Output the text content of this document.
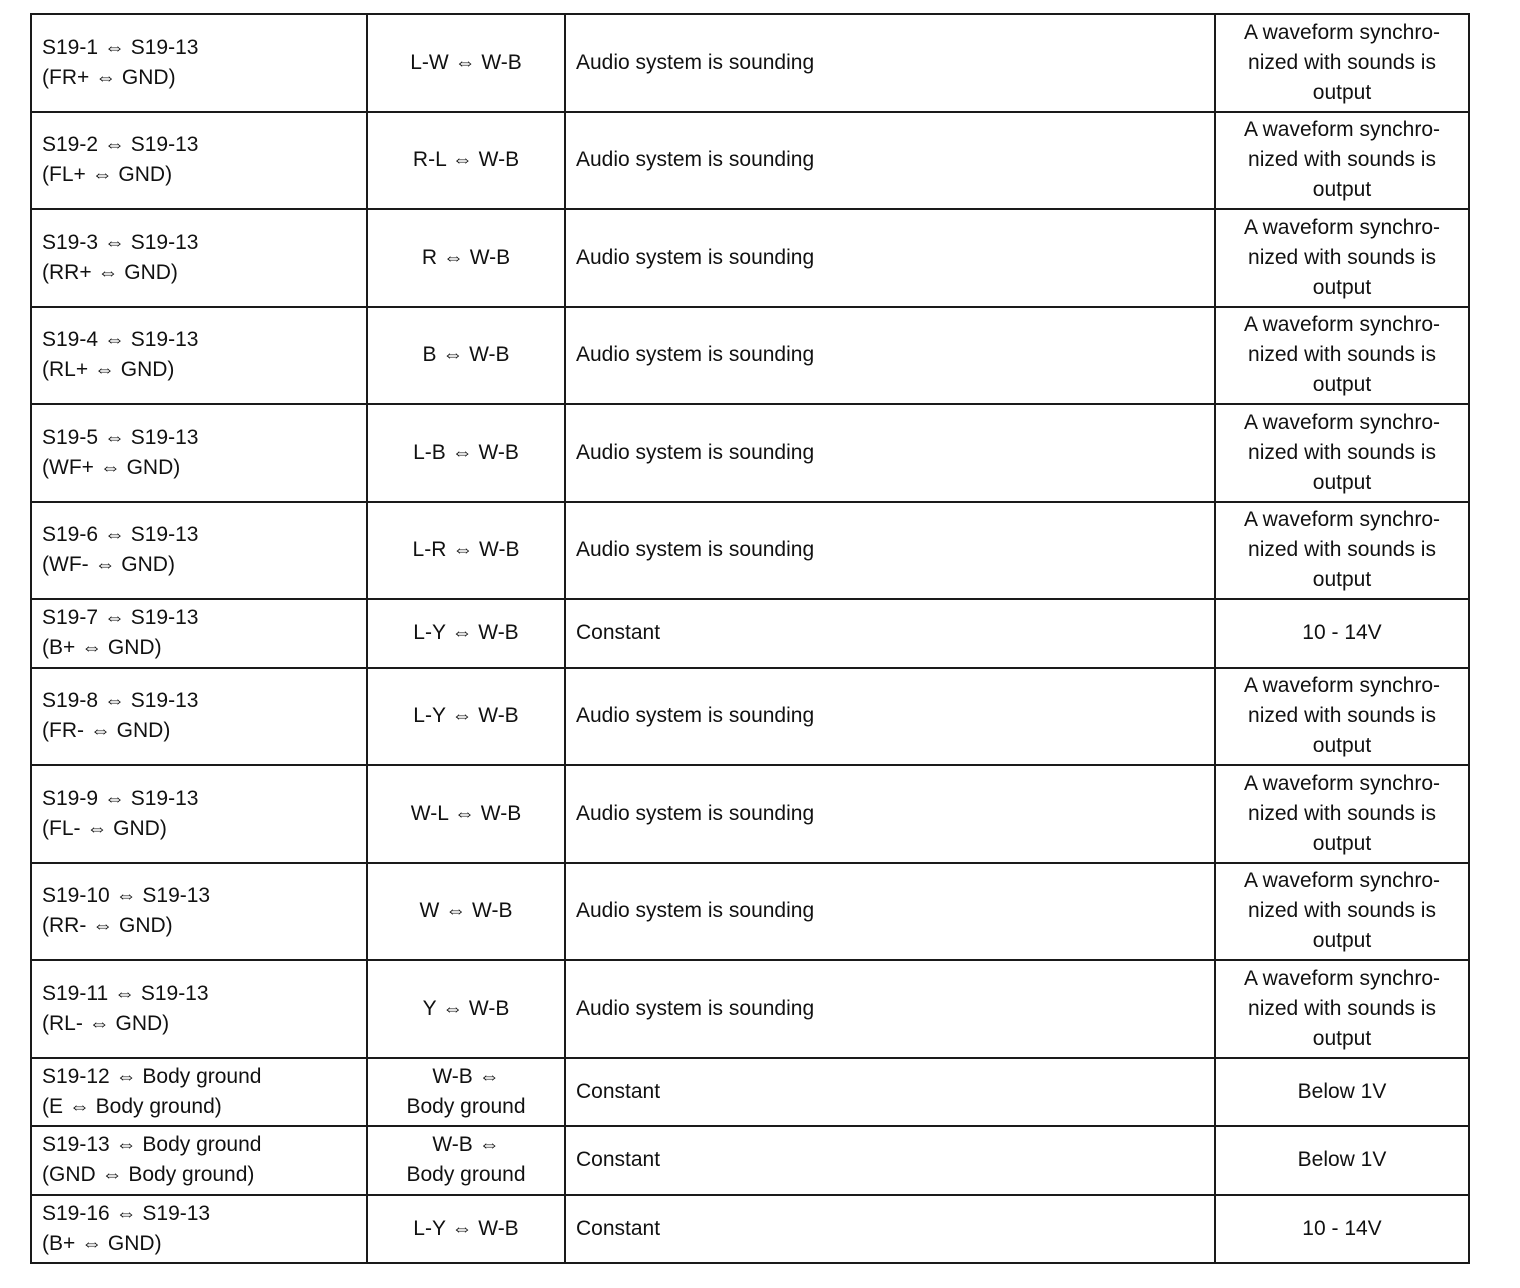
S19-1 ⇔ S19-13
(FR+ ⇔ GND)	L-W ⇔ W-B	Audio system is sounding	A waveform synchro-
nized with sounds is
output

S19-2 ⇔ S19-13
(FL+ ⇔ GND)	R-L ⇔ W-B	Audio system is sounding	A waveform synchro-
nized with sounds is
output

S19-3 ⇔ S19-13
(RR+ ⇔ GND)	R ⇔ W-B	Audio system is sounding	A waveform synchro-
nized with sounds is
output

S19-4 ⇔ S19-13
(RL+ ⇔ GND)	B ⇔ W-B	Audio system is sounding	A waveform synchro-
nized with sounds is
output

S19-5 ⇔ S19-13
(WF+ ⇔ GND)	L-B ⇔ W-B	Audio system is sounding	A waveform synchro-
nized with sounds is
output

S19-6 ⇔ S19-13
(WF- ⇔ GND)	L-R ⇔ W-B	Audio system is sounding	A waveform synchro-
nized with sounds is
output

S19-7 ⇔ S19-13
(B+ ⇔ GND)	L-Y ⇔ W-B	Constant	10 - 14V

S19-8 ⇔ S19-13
(FR- ⇔ GND)	L-Y ⇔ W-B	Audio system is sounding	A waveform synchro-
nized with sounds is
output

S19-9 ⇔ S19-13
(FL- ⇔ GND)	W-L ⇔ W-B	Audio system is sounding	A waveform synchro-
nized with sounds is
output

S19-10 ⇔ S19-13
(RR- ⇔ GND)	W ⇔ W-B	Audio system is sounding	A waveform synchro-
nized with sounds is
output

S19-11 ⇔ S19-13
(RL- ⇔ GND)	Y ⇔ W-B	Audio system is sounding	A waveform synchro-
nized with sounds is
output

S19-12 ⇔ Body ground
(E ⇔ Body ground)	W-B ⇔
Body ground	Constant	Below 1V

S19-13 ⇔ Body ground
(GND ⇔ Body ground)	W-B ⇔
Body ground	Constant	Below 1V

S19-16 ⇔ S19-13
(B+ ⇔ GND)	L-Y ⇔ W-B	Constant	10 - 14V
